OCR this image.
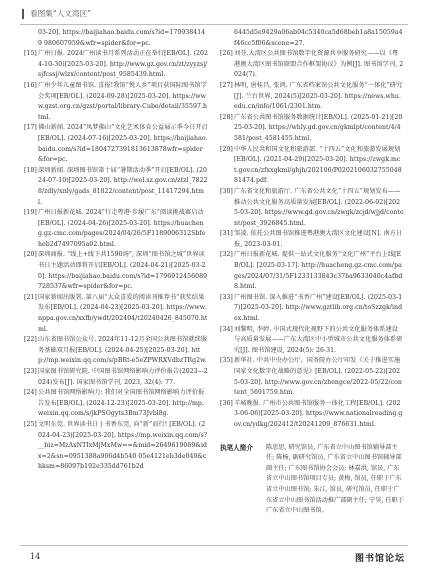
看图集“人文湾区”
03-20]. https://baijiahao.baidu.com/s?id=1799384149 980607959&wfr=spider&for=pc.
[15] 广州日报. 2024广州读书月系列活动正在举行[EB/OL]. (2024-10-30)[2025-03-20]. http://www.gz.gov.cn/zt/zyyzsj/sjfcssj/wlzx/content/post_9585439.html.
[16] 广州少年儿童图书馆. 喜报!我馆“悦人乡”项目获国际图书馆学会奖项[EB/OL]. (2024-09-28)[2025-03-20]. https://www.gzst.org.cn/gzst/portal/library-Cube/detail/35597.html.
[17] 佛山新闻. 2024“凤梦佛山”文化艺术体育公益展示季今日开启[EB/OL]. (2024-07-16)[2025-03-20]. https://baijiahao.baidu.com/s?id=1804727391813613878wfr=spider&for=pc.
[18] 深圳新闻. 深圳图书馆第十届“暑期活动季”开启[EB/OL]. (2024-07-10)[2025-03-20]. http://wel.sz.gov.cn/ztzl_78228/zdly/xnly/gads_81822/content/post_11417294.html.
[19] 广州日报新花城. 2024“行走粤港·步履广东”阅读挑战赛启动[EB/OL]. (2024-04-26)[2025-03-20]. https://huacheng.gz-cmc.com/pages/2024/04/26/5F1189006312Sbfeheb2d7497095a02.html.
[20] 深圳商报. “线上+线下共1590场”, 深圳“图书馆之城”世界读书日主题活动即将开启[EB/OL]. (2024-04-21)[2025-03-20]. https://baijiahao.baidu.com/s?id=1796912456089728537&wfr=spider&for=pc.
[21] 国家新闻出版署. 第八届“大众喜爱的阅读刊推荐书”获奖结果发布[EB/OL]. (2024-04-23)[2025-03-20]. https://www.nppa.gov.cn/xxfb/ywdt/202404/t20240426_845070.html.
[22] 山东省图书馆公众号. 2024年11-12月全国公共图书馆就续服务基础双月报[EB/OL]. (2024-04-25)[2025-03-20]. http://mp.weixin.qq.com/s/pBRt-e5eZPWRXVdbzTRg2w.
[23] 国家图书馆研究院. 中国图书馆网络影响力评价报告(2023—2024)发布[J]. 国家图书馆学刊, 2023, 32(4): 77.
[24] 公共图书馆网络影响力: 我们对全国图书馆网络影响力评价报告发布[EB/OL]. (2024-12-23)[2025-03-20]. http://mp.weixin.qq.com/s/jkPSOgyts3Bm73Jvbl8g.
[25] 文明东莞. 世界读书日 | 书香东莞, 向“新”而行! [EB/OL]. (2024-04-23)[2025-03-20]. https://mp.weixin.qq.com/s?__biz=MzAxNTIxMjMxMw==&mid=2649619069&idx=2&sn=0951388a906d4b540 05e4121eb3de049&chksm=86097b192e335dd761b2d
6445d5e9429a06ab04c5340ca5d68beb1a8a15059a4f46cc5f06&scene=27.
[26] 刘芬.大湾区公共图书馆数字化资源共享服务研究——以《粤港澳大湾区图书馆联盟合作框架协议》为例[J]. 图书馆学刊, 2024(7).
[27] 林明, 唐桂昌, 张鸿. 广东省档案馆公共文化服务“一体化”研究[J]. 兰台世界, 2024(5)[2025-03-20]. https://news.whu.edu.cn/info/1061/2301.htm.
[28] 广东省公共图书馆服务数据统计[EB/OL]. (2025-01-21)[2025-03-20]. https://whly.gd.gov.cn/gkmlpt/content/4/4581/post_4581455.html.
[29] 中华人民共和国文化和旅游部. “十四五”文化和旅游发展规划[EB/OL]. (2021-04-29)[2025-03-20]. https://zwgk.mct.gov.cn/zfxxgkml/ghjh/202106/P020210603275504881474.pdf.
[30] 广东省文化和旅游厅. 广东省公共文化“十四五”规划发布——推动公共文化服务高质量发展[EB/OL]. (2022-06-02)[2025-03-20]. https://www.gd.gov.cn/zwgk/zcjd/wjjd/content/post_3926845.html.
[31] 邹凌. 依托公共图书馆推进粤港澳大湾区文化建设[N]. 南方日报, 2023-03-01.
[32] 广州日报新花城. 提供一站式文化服务“文化广州”平台上线[EB/OL]. [2025-03-17]. http://huacheng.gz-cmc.com/pages/2024/07/31/5F1233133843c37ba9633040c4afbd8.html.
[33] 广州图书馆. 深入推进“书香广州”建设[EB/OL]. (2025-03-17)[2025-03-20]. http://www.gztlib.org.cn/toSzzgk/index.html.
[34] 刘黎明, 李婷. 中国式现代化视野下的公共文化服务体系建设与高质量发展——广东大湾区中小型城市公共文化服务体系研究[J]. 图书馆建设, 2024(5): 26-31.
[35] 新华社. 中共中央办公厅、国务院办公厅印发《关于推进实施国家文化数字化战略的意见》[EB/OL]. (2022-05-22)[2025-03-20]. http://www.gov.cn/zhengce/2022-05/22/content_5691759.htm.
[36] 羊城晚报. 广州市公共图书馆服务一体化工程[EB/OL]. (2023-06-06)[2025-03-20]. https://www.nationalreading.gov.cn/ydkg/202412/t20241209_876631.html.
执笔人简介	陈思思, 研究馆员, 广东省立中山图书馆辅导部主任; 陈杨, 副研究馆员, 广东省立中山图书馆辅导部副主任; 广东图书馆协会会员; 林嘉洪, 馆员, 广东省立中山图书馆项目专员; 黄梅, 馆员, 任职于广东省立中山图书馆; 朱江, 馆员, 研究馆员, 任职于广东省立中山图书馆活动推广部副主任; 宁昊, 任职于广东省立中山图书馆。
14	图书馆论坛
